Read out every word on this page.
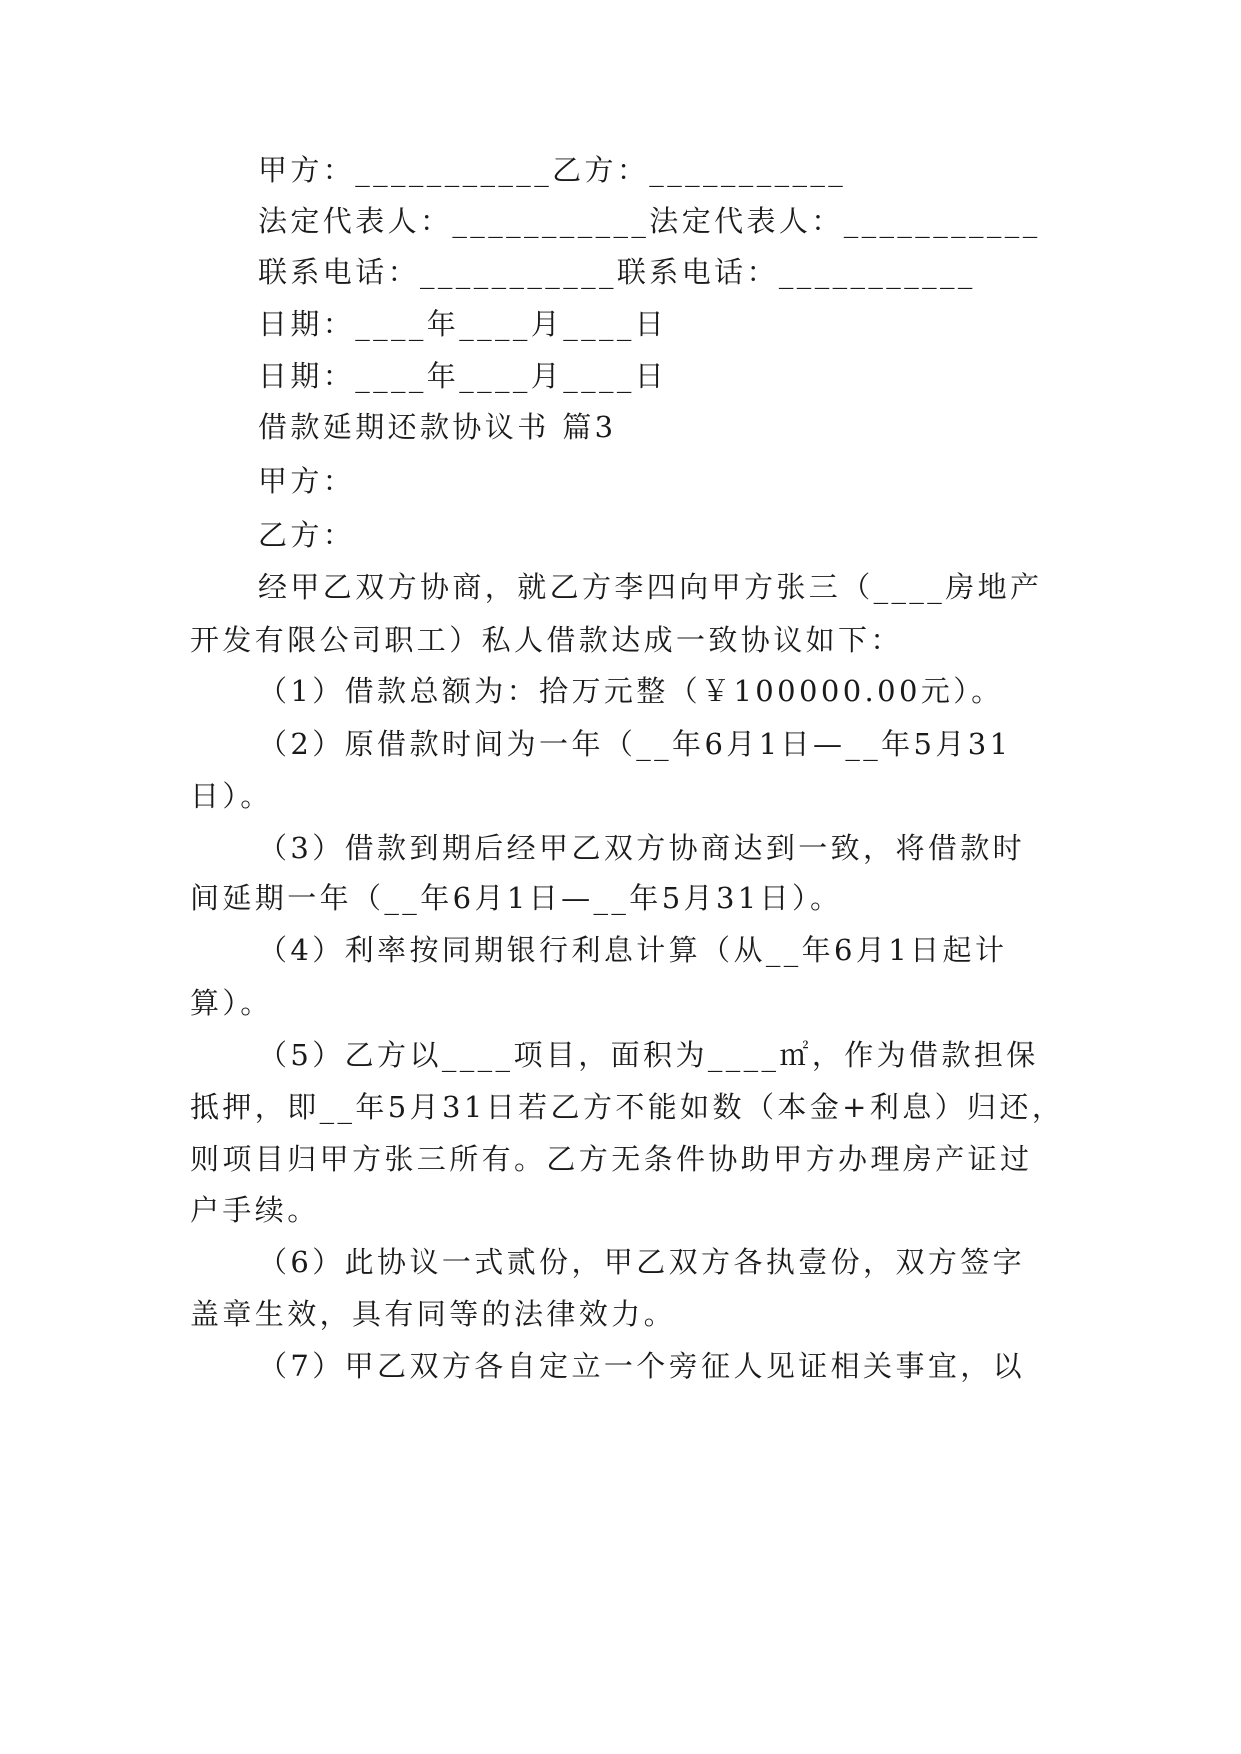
甲方：___________乙方：___________
法定代表人：___________法定代表人：___________
联系电话：___________联系电话：___________
日期：____年____月____日
日期：____年____月____日
借款延期还款协议书 篇3
甲方：
乙方：
经甲乙双方协商，就乙方李四向甲方张三（____房地产
开发有限公司职工）私人借款达成一致协议如下：
（1）借款总额为：拾万元整（￥100000.00元）。
（2）原借款时间为一年（__年6月1日—__年5月31
日）。
（3）借款到期后经甲乙双方协商达到一致，将借款时
间延期一年（__年6月1日—__年5月31日）。
（4）利率按同期银行利息计算（从__年6月1日起计
算）。
（5）乙方以____项目，面积为____㎡，作为借款担保
抵押，即__年5月31日若乙方不能如数（本金+利息）归还，
则项目归甲方张三所有。乙方无条件协助甲方办理房产证过
户手续。
（6）此协议一式贰份，甲乙双方各执壹份，双方签字
盖章生效，具有同等的法律效力。
（7）甲乙双方各自定立一个旁征人见证相关事宜，以
